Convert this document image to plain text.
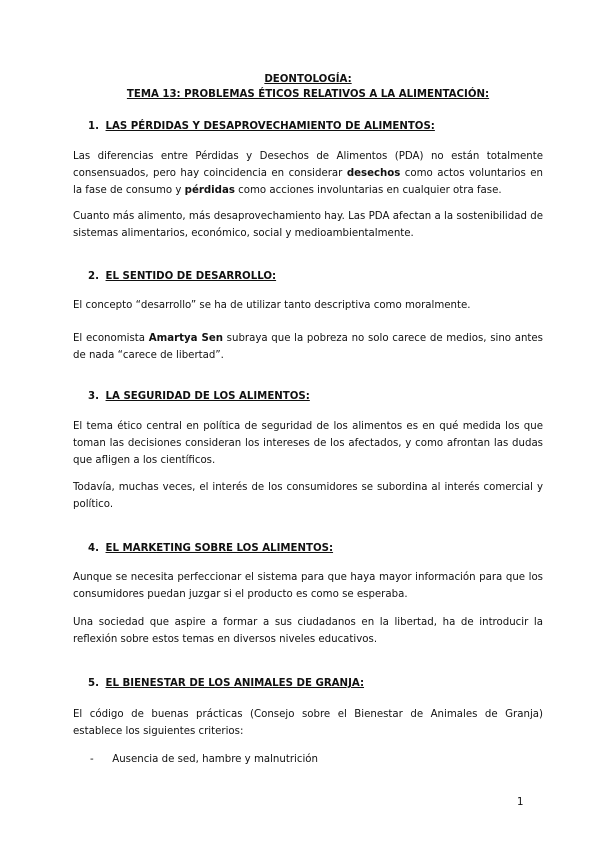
DEONTOLOGÍA:
TEMA 13: PROBLEMAS ÉTICOS RELATIVOS A LA ALIMENTACIÓN:
1. LAS PÉRDIDAS Y DESAPROVECHAMIENTO DE ALIMENTOS:
Las diferencias entre Pérdidas y Desechos de Alimentos (PDA) no están totalmente consensuados, pero hay coincidencia en considerar desechos como actos voluntarios en la fase de consumo y pérdidas como acciones involuntarias en cualquier otra fase.
Cuanto más alimento, más desaprovechamiento hay. Las PDA afectan a la sostenibilidad de sistemas alimentarios, económico, social y medioambientalmente.
2. EL SENTIDO DE DESARROLLO:
El concepto “desarrollo” se ha de utilizar tanto descriptiva como moralmente.
El economista Amartya Sen subraya que la pobreza no solo carece de medios, sino antes de nada “carece de libertad”.
3. LA SEGURIDAD DE LOS ALIMENTOS:
El tema ético central en política de seguridad de los alimentos es en qué medida los que toman las decisiones consideran los intereses de los afectados, y como afrontan las dudas que afligen a los científicos.
Todavía, muchas veces, el interés de los consumidores se subordina al interés comercial y político.
4. EL MARKETING SOBRE LOS ALIMENTOS:
Aunque se necesita perfeccionar el sistema para que haya mayor información para que los consumidores puedan juzgar si el producto es como se esperaba.
Una sociedad que aspire a formar a sus ciudadanos en la libertad, ha de introducir la reflexión sobre estos temas en diversos niveles educativos.
5. EL BIENESTAR DE LOS ANIMALES DE GRANJA:
El código de buenas prácticas (Consejo sobre el Bienestar de Animales de Granja) establece los siguientes criterios:
- Ausencia de sed, hambre y malnutrición
1
